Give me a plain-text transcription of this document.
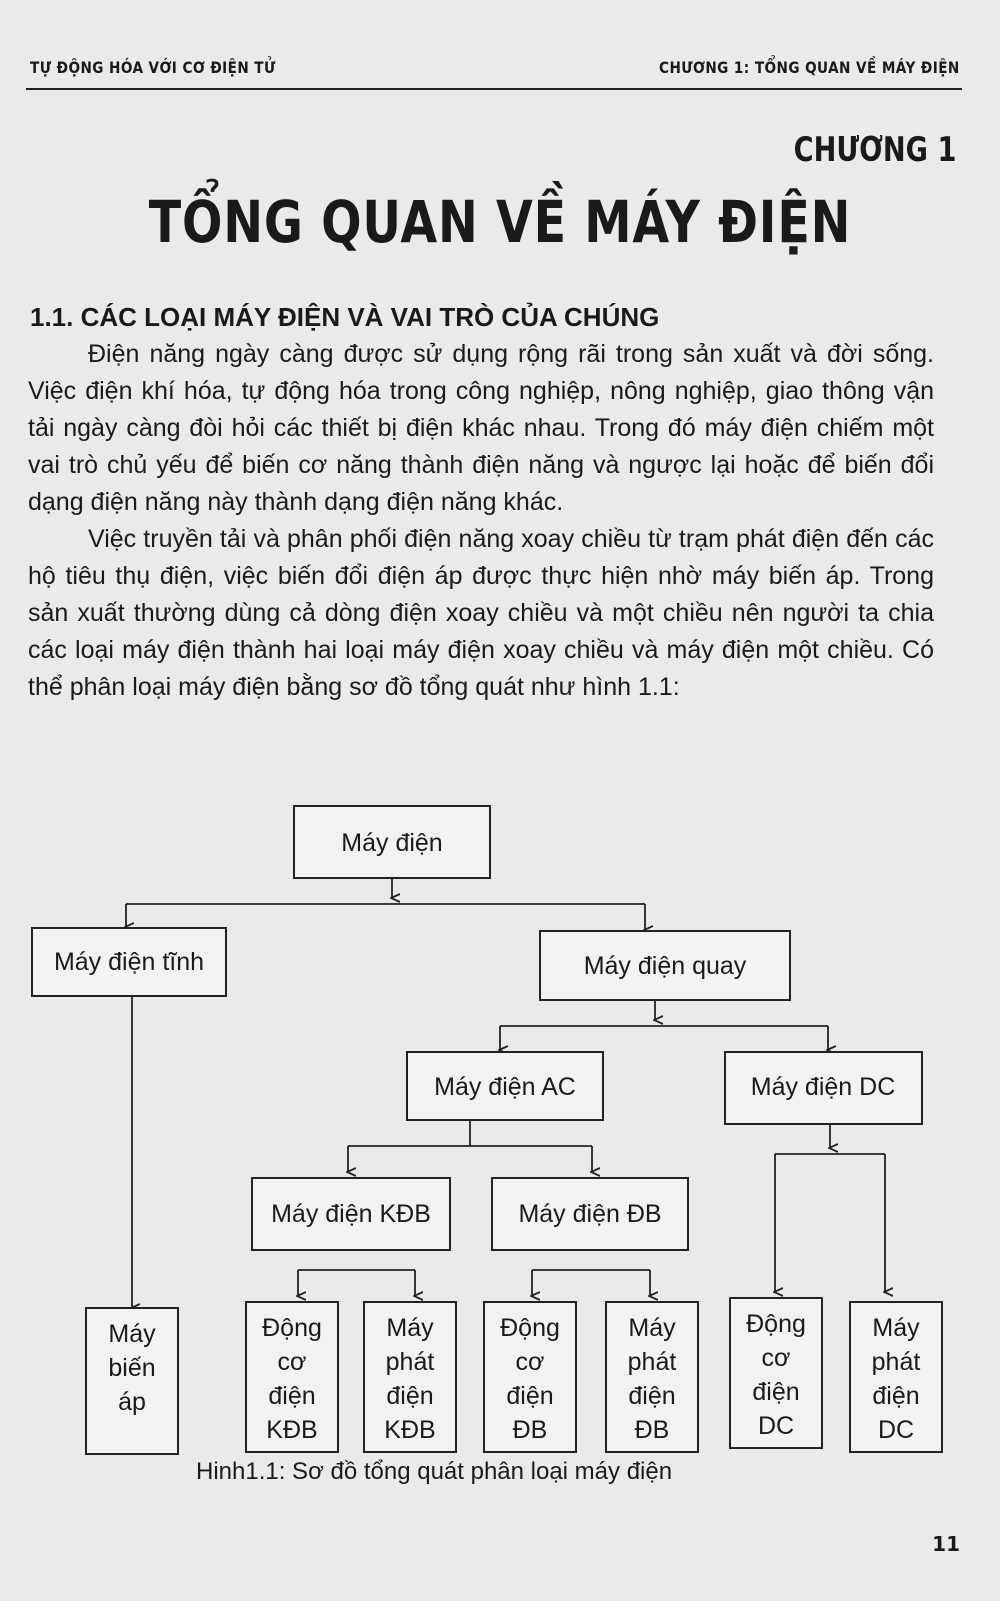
TỰ ĐỘNG HÓA VỚI CƠ ĐIỆN TỬ	CHƯƠNG 1: TỔNG QUAN VỀ MÁY ĐIỆN
CHƯƠNG 1
TỔNG QUAN VỀ MÁY ĐIỆN
1.1. CÁC LOẠI MÁY ĐIỆN VÀ VAI TRÒ CỦA CHÚNG

Điện năng ngày càng được sử dụng rộng rãi trong sản xuất và đời sống. Việc điện khí hóa, tự động hóa trong công nghiệp, nông nghiệp, giao thông vận tải ngày càng đòi hỏi các thiết bị điện khác nhau. Trong đó máy điện chiếm một vai trò chủ yếu để biến cơ năng thành điện năng và ngược lại hoặc để biến đổi dạng điện năng này thành dạng điện năng khác.

Việc truyền tải và phân phối điện năng xoay chiều từ trạm phát điện đến các hộ tiêu thụ điện, việc biến đổi điện áp được thực hiện nhờ máy biến áp. Trong sản xuất thường dùng cả dòng điện xoay chiều và một chiều nên người ta chia các loại máy điện thành hai loại máy điện xoay chiều và máy điện một chiều. Có thể phân loại máy điện bằng sơ đồ tổng quát như hình 1.1:

Máy điện
Máy điện tĩnh	Máy điện quay
Máy điện AC	Máy điện DC
Máy điện KĐB	Máy điện ĐB
Máy
biến
áp
Động
cơ
điện
KĐB
Máy
phát
điện
KĐB
Động
cơ
điện
ĐB
Máy
phát
điện
ĐB
Động
cơ
điện
DC
Máy
phát
điện
DC
Hinh1.1: Sơ đồ tổng quát phân loại máy điện
11
